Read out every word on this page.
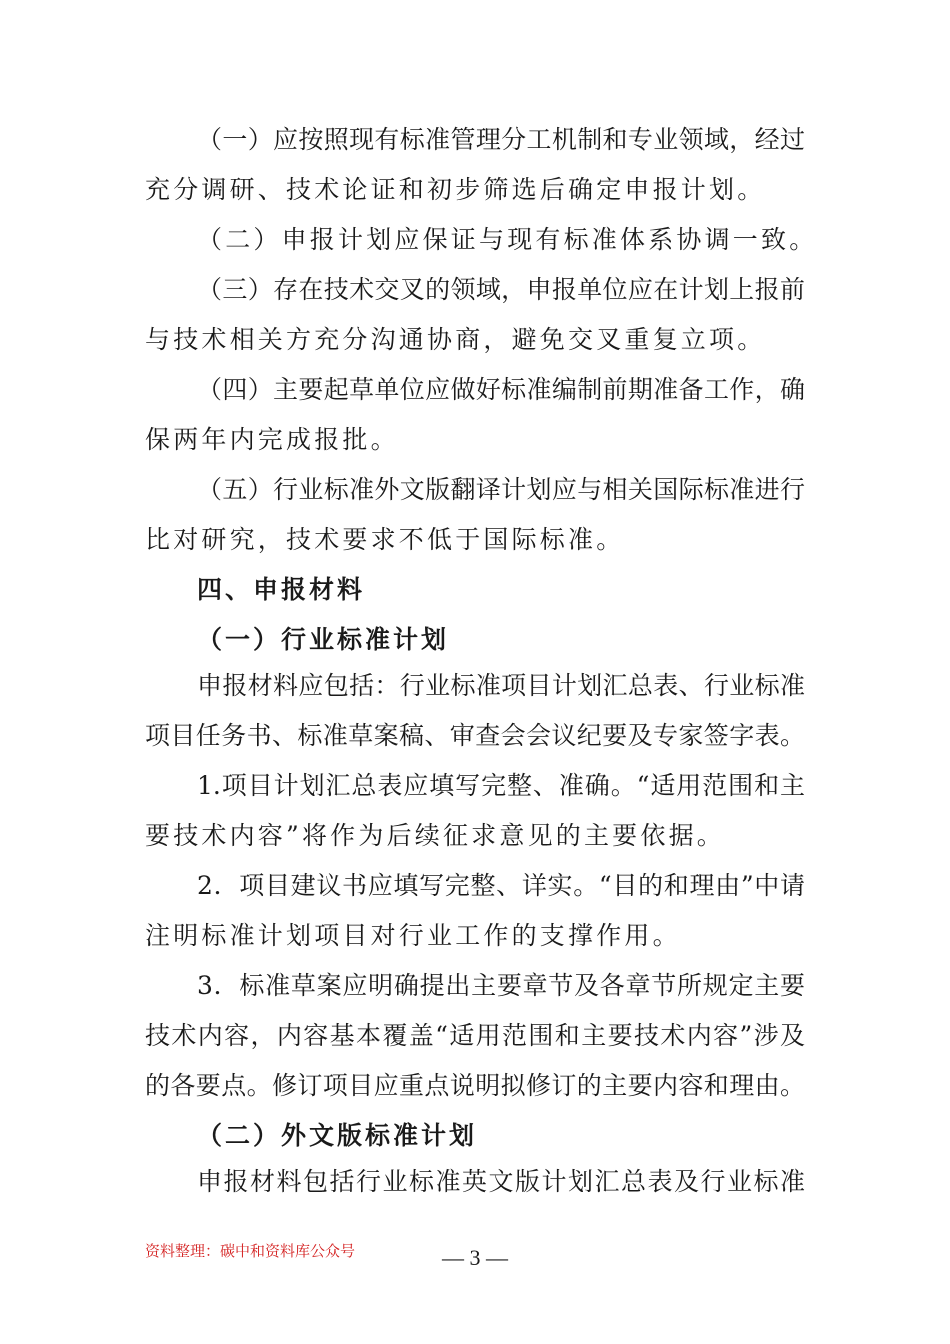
（一）应按照现有标准管理分工机制和专业领域，经过
充分调研、技术论证和初步筛选后确定申报计划。
（二）申报计划应保证与现有标准体系协调一致。
（三）存在技术交叉的领域，申报单位应在计划上报前
与技术相关方充分沟通协商，避免交叉重复立项。
（四）主要起草单位应做好标准编制前期准备工作，确
保两年内完成报批。
（五）行业标准外文版翻译计划应与相关国际标准进行
比对研究，技术要求不低于国际标准。
四、申报材料
（一）行业标准计划
申报材料应包括：行业标准项目计划汇总表、行业标准
项目任务书、标准草案稿、审查会会议纪要及专家签字表。
1.项目计划汇总表应填写完整、准确。“适用范围和主
要技术内容”将作为后续征求意见的主要依据。
2．项目建议书应填写完整、详实。“目的和理由”中请
注明标准计划项目对行业工作的支撑作用。
3．标准草案应明确提出主要章节及各章节所规定主要
技术内容，内容基本覆盖“适用范围和主要技术内容”涉及
的各要点。修订项目应重点说明拟修订的主要内容和理由。
（二）外文版标准计划
申报材料包括行业标准英文版计划汇总表及行业标准
资料整理：碳中和资料库公众号	— 3 —
